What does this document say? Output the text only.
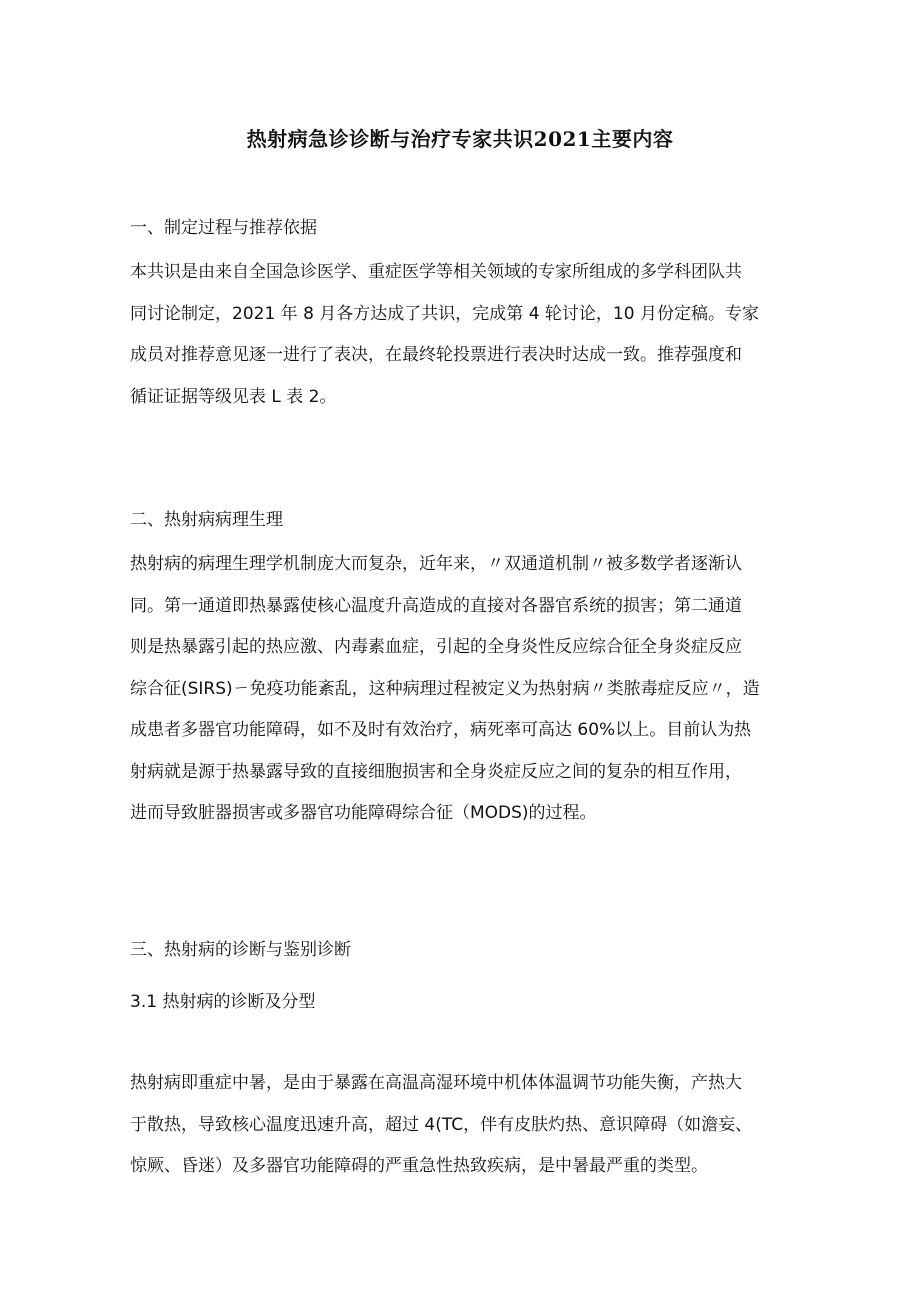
热射病急诊诊断与治疗专家共识2021主要内容
一、制定过程与推荐依据
本共识是由来自全国急诊医学、重症医学等相关领域的专家所组成的多学科团队共
同讨论制定，2021 年 8 月各方达成了共识，完成第 4 轮讨论，10 月份定稿。专家
成员对推荐意见逐一进行了表决，在最终轮投票进行表决时达成一致。推荐强度和
循证证据等级见表 L 表 2。
二、热射病病理生理
热射病的病理生理学机制庞大而复杂，近年来，〃双通道机制〃被多数学者逐渐认
同。第一通道即热暴露使核心温度升高造成的直接对各器官系统的损害；第二通道
则是热暴露引起的热应激、内毒素血症，引起的全身炎性反应综合征全身炎症反应
综合征(SIRS)ㄧ免疫功能紊乱，这种病理过程被定义为热射病〃类脓毒症反应〃，造
成患者多器官功能障碍，如不及时有效治疗，病死率可高达 60%以上。目前认为热
射病就是源于热暴露导致的直接细胞损害和全身炎症反应之间的复杂的相互作用，
进而导致脏器损害或多器官功能障碍综合征（MODS)的过程。
三、热射病的诊断与鉴别诊断
3.1 热射病的诊断及分型
热射病即重症中暑，是由于暴露在高温高湿环境中机体体温调节功能失衡，产热大
于散热，导致核心温度迅速升高，超过 4(TC，伴有皮肤灼热、意识障碍（如澹妄、
惊厥、昏迷）及多器官功能障碍的严重急性热致疾病，是中暑最严重的类型。
